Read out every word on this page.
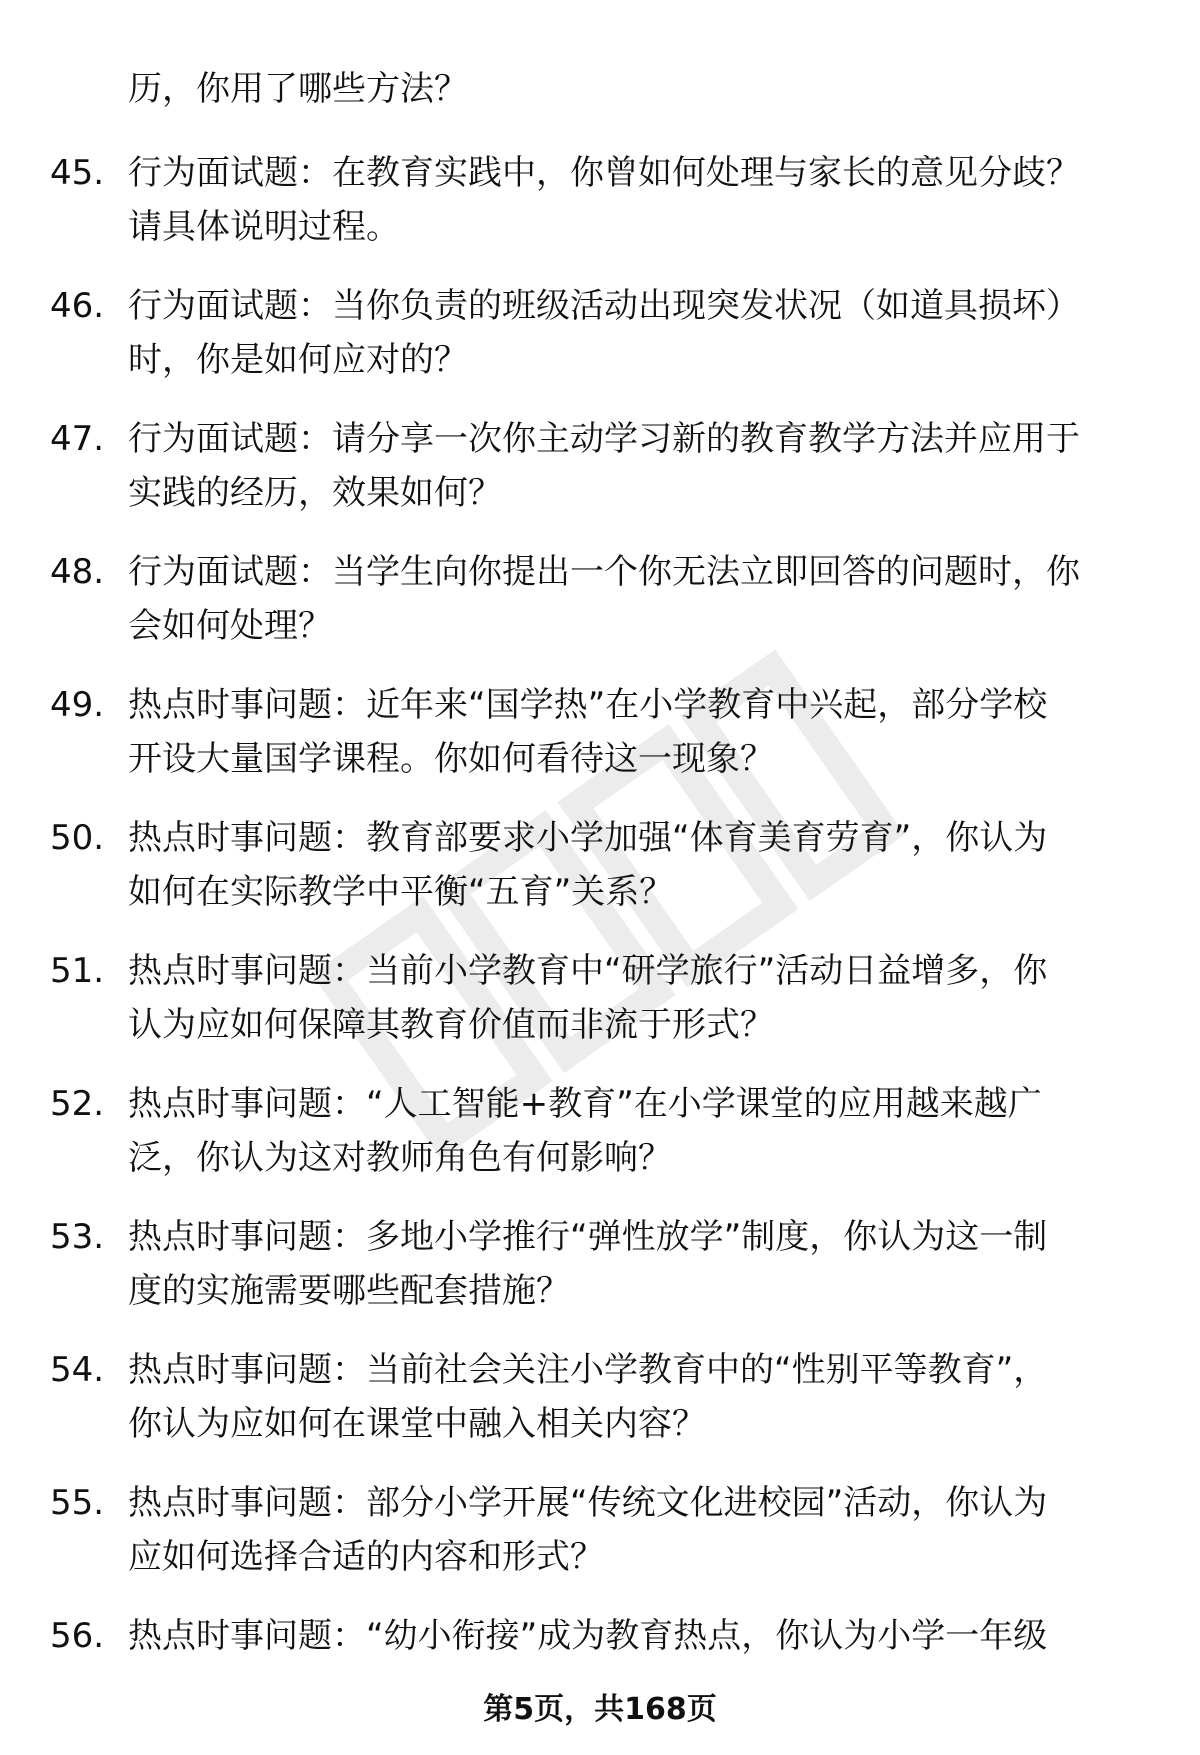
历，你用了哪些方法？
45. 行为面试题：在教育实践中，你曾如何处理与家长的意见分歧？
请具体说明过程。
46. 行为面试题：当你负责的班级活动出现突发状况（如道具损坏）
时，你是如何应对的？
47. 行为面试题：请分享一次你主动学习新的教育教学方法并应用于
实践的经历，效果如何？
48. 行为面试题：当学生向你提出一个你无法立即回答的问题时，你
会如何处理？
49. 热点时事问题：近年来“国学热”在小学教育中兴起，部分学校
开设大量国学课程。你如何看待这一现象？
50. 热点时事问题：教育部要求小学加强“体育美育劳育”，你认为
如何在实际教学中平衡“五育”关系？
51. 热点时事问题：当前小学教育中“研学旅行”活动日益增多，你
认为应如何保障其教育价值而非流于形式？
52. 热点时事问题：“人工智能+教育”在小学课堂的应用越来越广
泛，你认为这对教师角色有何影响？
53. 热点时事问题：多地小学推行“弹性放学”制度，你认为这一制
度的实施需要哪些配套措施？
54. 热点时事问题：当前社会关注小学教育中的“性别平等教育”，
你认为应如何在课堂中融入相关内容？
55. 热点时事问题：部分小学开展“传统文化进校园”活动，你认为
应如何选择合适的内容和形式？
56. 热点时事问题：“幼小衔接”成为教育热点，你认为小学一年级
第5页，共168页
